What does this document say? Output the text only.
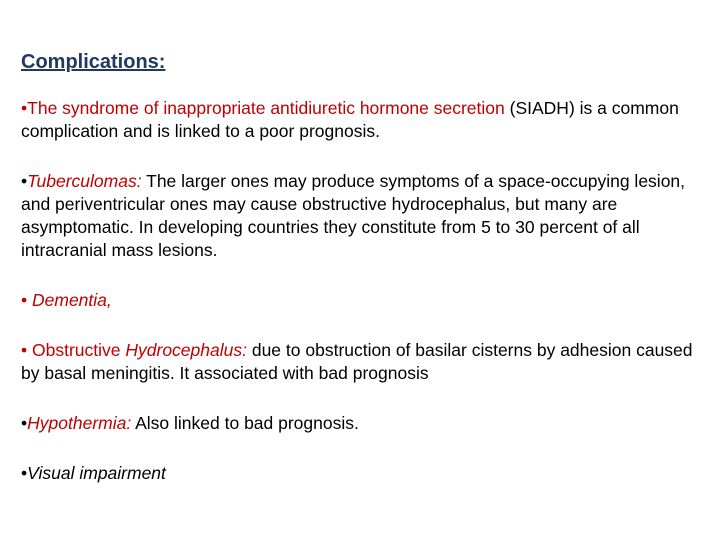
Complications:
•The syndrome of inappropriate antidiuretic hormone secretion (SIADH) is a common complication and is linked to a poor prognosis.
•Tuberculomas: The larger ones may produce symptoms of a space-occupying lesion, and periventricular ones may cause obstructive hydrocephalus, but many are asymptomatic. In developing countries they constitute from 5 to 30 percent of all intracranial mass lesions.
• Dementia,
• Obstructive Hydrocephalus: due to obstruction of basilar cisterns by adhesion caused by basal meningitis. It associated with bad prognosis
•Hypothermia: Also linked to bad prognosis.
•Visual impairment
